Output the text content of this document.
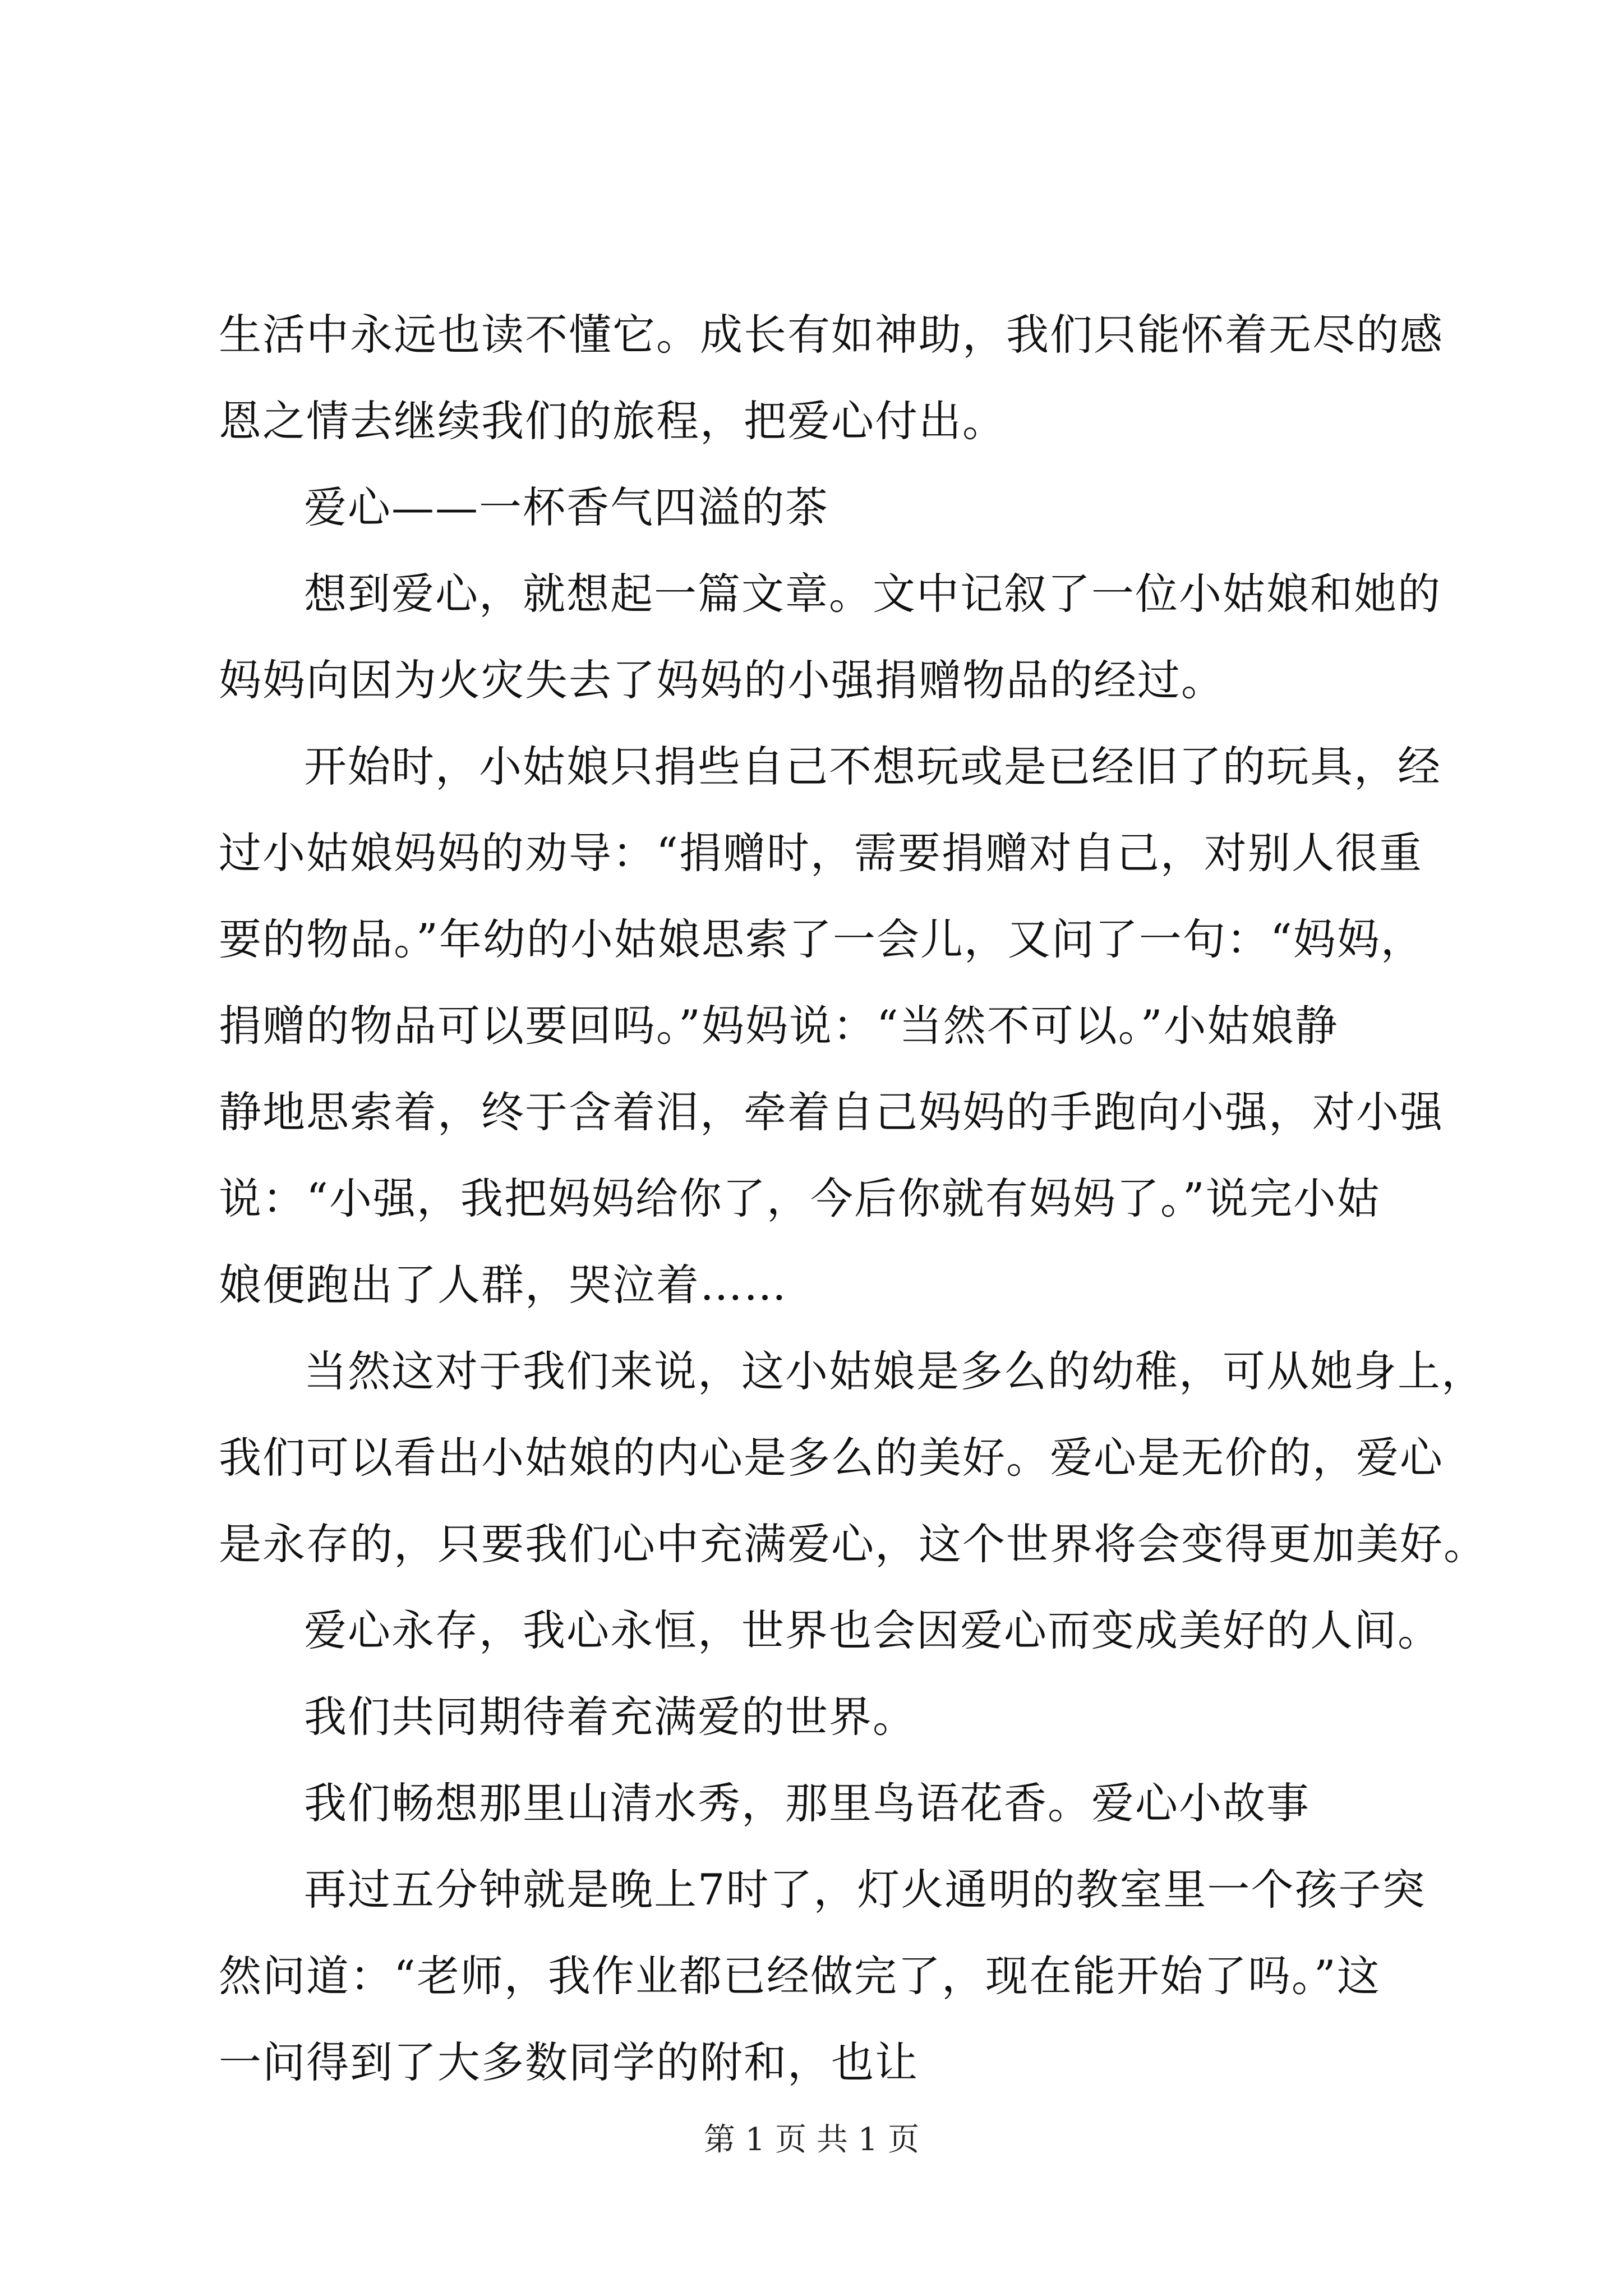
生活中永远也读不懂它。成长有如神助，我们只能怀着无尽的感
恩之情去继续我们的旅程，把爱心付出。
爱心——一杯香气四溢的茶
想到爱心，就想起一篇文章。文中记叙了一位小姑娘和她的
妈妈向因为火灾失去了妈妈的小强捐赠物品的经过。
开始时，小姑娘只捐些自己不想玩或是已经旧了的玩具，经
过小姑娘妈妈的劝导：“捐赠时，需要捐赠对自己，对别人很重
要的物品。”年幼的小姑娘思索了一会儿，又问了一句：“妈妈，
捐赠的物品可以要回吗。”妈妈说：“当然不可以。”小姑娘静
静地思索着，终于含着泪，牵着自己妈妈的手跑向小强，对小强
说：“小强，我把妈妈给你了，今后你就有妈妈了。”说完小姑
娘便跑出了人群，哭泣着……
当然这对于我们来说，这小姑娘是多么的幼稚，可从她身上，
我们可以看出小姑娘的内心是多么的美好。爱心是无价的，爱心
是永存的，只要我们心中充满爱心，这个世界将会变得更加美好。
爱心永存，我心永恒，世界也会因爱心而变成美好的人间。
我们共同期待着充满爱的世界。
我们畅想那里山清水秀，那里鸟语花香。爱心小故事
再过五分钟就是晚上7时了，灯火通明的教室里一个孩子突
然问道：“老师，我作业都已经做完了，现在能开始了吗。”这
一问得到了大多数同学的附和，也让
第 1 页 共 1 页
